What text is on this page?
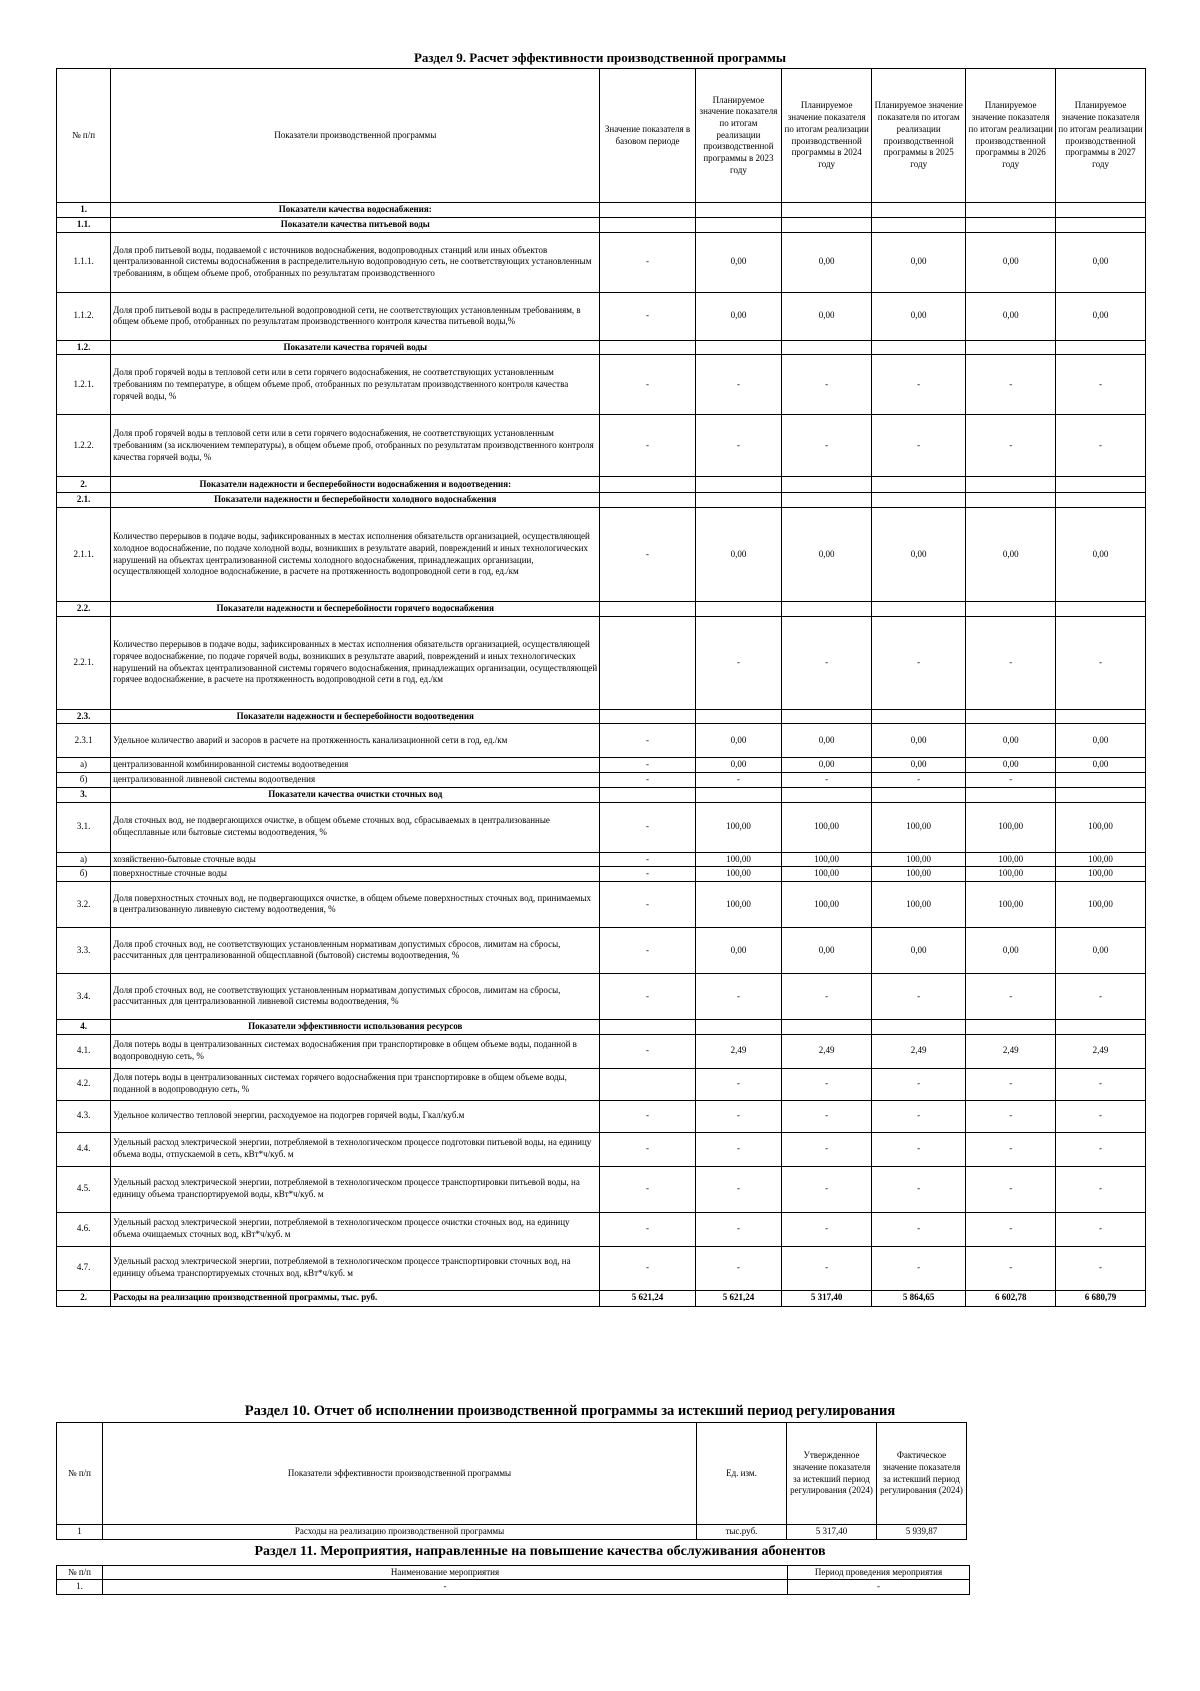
Раздел 9. Расчет эффективности производственной программы
№ п/п	Показатели производственной программы	Значение показателя в базовом периоде	Планируемое значение показателя по итогам реализации производственной программы в 2023 году	Планируемое значение показателя по итогам реализации производственной программы в 2024 году	Планируемое значение показателя по итогам реализации производственной программы в 2025 году	Планируемое значение показателя по итогам реализации производственной программы в 2026 году	Планируемое значение показателя по итогам реализации производственной программы в 2027 году
1.	Показатели качества водоснабжения:						
1.1.	Показатели качества питьевой воды						
1.1.1.	Доля проб питьевой воды, подаваемой с источников водоснабжения, водопроводных станций или иных объектов централизованной системы водоснабжения в распределительную водопроводную сеть, не соответствующих установленным требованиям, в общем объеме проб, отобранных по результатам производственного	-	0,00	0,00	0,00	0,00	0,00
1.1.2.	Доля проб питьевой воды в распределительной водопроводной сети, не соответствующих установленным требованиям, в общем объеме проб, отобранных по результатам производственного контроля качества питьевой воды,%	-	0,00	0,00	0,00	0,00	0,00
1.2.	Показатели качества горячей воды						
1.2.1.	Доля проб горячей воды в тепловой сети или в сети горячего водоснабжения, не соответствующих установленным требованиям по температуре, в общем объеме проб, отобранных по результатам производственного контроля качества горячей воды, %	-	-	-	-	-	-
1.2.2.	Доля проб горячей воды в тепловой сети или в сети горячего водоснабжения, не соответствующих установленным требованиям (за исключением температуры), в общем объеме проб, отобранных по результатам производственного контроля качества горячей воды, %	-	-	-	-	-	-
2.	Показатели надежности и бесперебойности водоснабжения и водоотведения:						
2.1.	Показатели надежности и бесперебойности холодного водоснабжения						
2.1.1.	Количество перерывов в подаче воды, зафиксированных в местах исполнения обязательств организацией, осуществляющей холодное водоснабжение, по подаче холодной воды, возникших в результате аварий, повреждений и иных технологических нарушений на объектах централизованной системы холодного водоснабжения, принадлежащих организации, осуществляющей холодное водоснабжение, в расчете на протяженность водопроводной сети в год, ед./км	-	0,00	0,00	0,00	0,00	0,00
2.2.	Показатели надежности и бесперебойности горячего водоснабжения						
2.2.1.	Количество перерывов в подаче воды, зафиксированных в местах исполнения обязательств организацией, осуществляющей горячее водоснабжение, по подаче горячей воды, возникших в результате аварий, повреждений и иных технологических нарушений на объектах централизованной системы горячего водоснабжения, принадлежащих организации, осуществляющей горячее водоснабжение, в расчете на протяженность водопроводной сети в год, ед./км		-	-	-	-	-
2.3.	Показатели надежности и бесперебойности водоотведения						
2.3.1	Удельное количество аварий и засоров в расчете на протяженность канализационной сети в год, ед./км	-	0,00	0,00	0,00	0,00	0,00
а)	централизованной комбинированной системы водоотведения	-	0,00	0,00	0,00	0,00	0,00
б)	централизованной ливневой системы водоотведения	-	-	-	-	-	
3.	Показатели качества очистки сточных вод						
3.1.	Доля сточных вод, не подвергающихся очистке, в общем объеме сточных вод, сбрасываемых в централизованные общесплавные или бытовые системы водоотведения, %	-	100,00	100,00	100,00	100,00	100,00
а)	хозяйственно-бытовые сточные воды	-	100,00	100,00	100,00	100,00	100,00
б)	поверхностные сточные воды	-	100,00	100,00	100,00	100,00	100,00
3.2.	Доля поверхностных сточных вод, не подвергающихся очистке, в общем объеме поверхностных сточных вод, принимаемых в централизованную ливневую систему водоотведения, %	-	100,00	100,00	100,00	100,00	100,00
3.3.	Доля проб сточных вод, не соответствующих установленным нормативам допустимых сбросов, лимитам на сбросы, рассчитанных для централизованной общесплавной (бытовой) системы водоотведения, %	-	0,00	0,00	0,00	0,00	0,00
3.4.	Доля проб сточных вод, не соответствующих установленным нормативам допустимых сбросов, лимитам на сбросы, рассчитанных для централизованной ливневой системы водоотведения, %	-	-	-	-	-	-
4.	Показатели эффективности использования ресурсов						
4.1.	Доля потерь воды в централизованных системах водоснабжения при транспортировке в общем объеме воды, поданной в водопроводную сеть, %	-	2,49	2,49	2,49	2,49	2,49
4.2.	Доля потерь воды в централизованных системах горячего водоснабжения при транспортировке в общем объеме воды, поданной в водопроводную сеть, %		-	-	-	-	-
4.3.	Удельное количество тепловой энергии, расходуемое на подогрев горячей воды, Гкал/куб.м	-	-	-	-	-	-
4.4.	Удельный расход электрической энергии, потребляемой в технологическом процессе подготовки питьевой воды, на единицу объема воды, отпускаемой в сеть, кВт*ч/куб. м	-	-	-	-	-	-
4.5.	Удельный расход электрической энергии, потребляемой в технологическом процессе транспортировки питьевой воды, на единицу объема транспортируемой воды, кВт*ч/куб. м	-	-	-	-	-	-
4.6.	Удельный расход электрической энергии, потребляемой в технологическом процессе очистки сточных вод, на единицу объема очищаемых сточных вод, кВт*ч/куб. м	-	-	-	-	-	-
4.7.	Удельный расход электрической энергии, потребляемой в технологическом процессе транспортировки сточных вод, на единицу объема транспортируемых сточных вод, кВт*ч/куб. м	-	-	-	-	-	-
2.	Расходы на реализацию производственной программы, тыс. руб.	5 621,24	5 621,24	5 317,40	5 864,65	6 602,78	6 680,79
Раздел 10. Отчет об исполнении производственной программы за истекший период регулирования
№ п/п	Показатели эффективности производственной программы	Ед. изм.	Утвержденное значение показателя за истекший период регулирования (2024)	Фактическое значение показателя за истекший период регулирования (2024)
1	Расходы на реализацию производственной программы	тыс.руб.	5 317,40	5 939,87
Раздел 11. Мероприятия, направленные на повышение качества обслуживания абонентов
№ п/п	Наименование мероприятия	Период проведения мероприятия
1.	-	-
